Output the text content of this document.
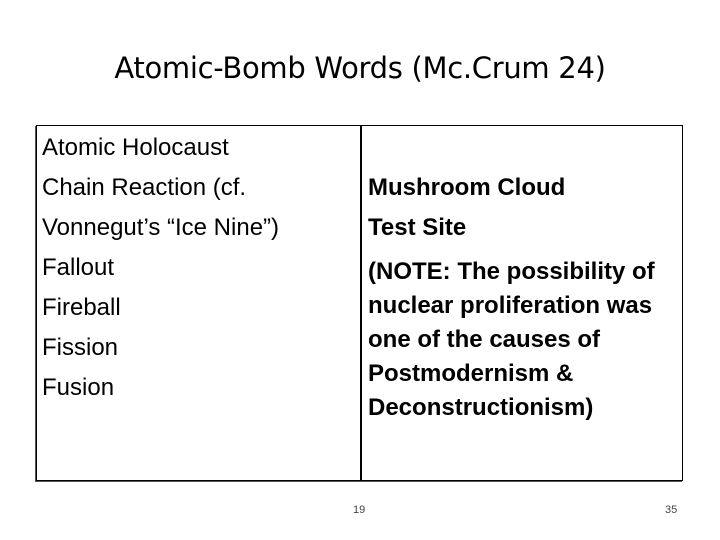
Atomic-Bomb Words (Mc.Crum 24)
Atomic Holocaust
Chain Reaction (cf.
Vonnegut’s “Ice Nine”)
Fallout
Fireball
Fission
Fusion
Mushroom Cloud
Test Site
(NOTE: The possibility of nuclear proliferation was one of the causes of Postmodernism & Deconstructionism)
19	35
